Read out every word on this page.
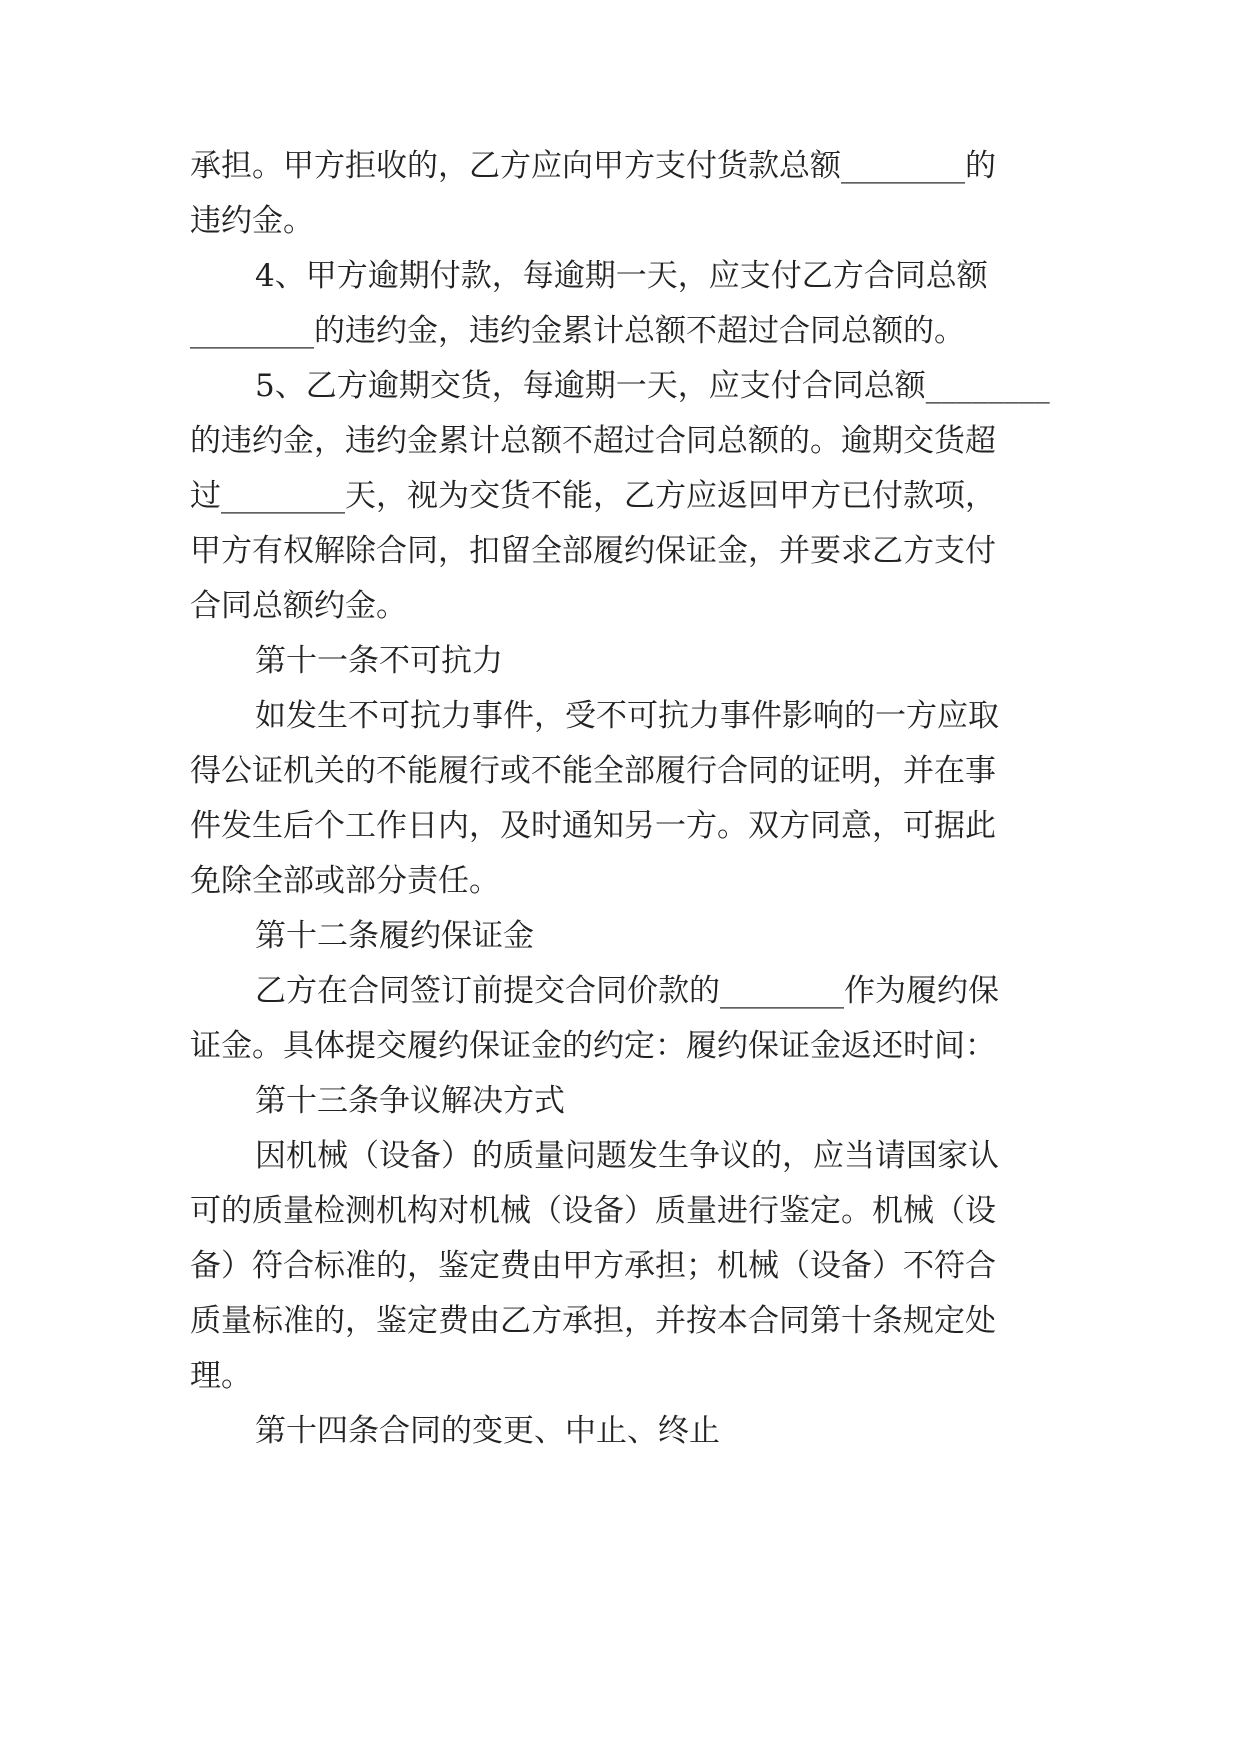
承担。甲方拒收的，乙方应向甲方支付货款总额________的
违约金。
4、甲方逾期付款，每逾期一天，应支付乙方合同总额
________的违约金，违约金累计总额不超过合同总额的。
5、乙方逾期交货，每逾期一天，应支付合同总额________
的违约金，违约金累计总额不超过合同总额的。逾期交货超
过________天，视为交货不能，乙方应返回甲方已付款项，
甲方有权解除合同，扣留全部履约保证金，并要求乙方支付
合同总额约金。
第十一条不可抗力
如发生不可抗力事件，受不可抗力事件影响的一方应取
得公证机关的不能履行或不能全部履行合同的证明，并在事
件发生后个工作日内，及时通知另一方。双方同意，可据此
免除全部或部分责任。
第十二条履约保证金
乙方在合同签订前提交合同价款的________作为履约保
证金。具体提交履约保证金的约定：履约保证金返还时间：
第十三条争议解决方式
因机械（设备）的质量问题发生争议的，应当请国家认
可的质量检测机构对机械（设备）质量进行鉴定。机械（设
备）符合标准的，鉴定费由甲方承担；机械（设备）不符合
质量标准的，鉴定费由乙方承担，并按本合同第十条规定处
理。
第十四条合同的变更、中止、终止
